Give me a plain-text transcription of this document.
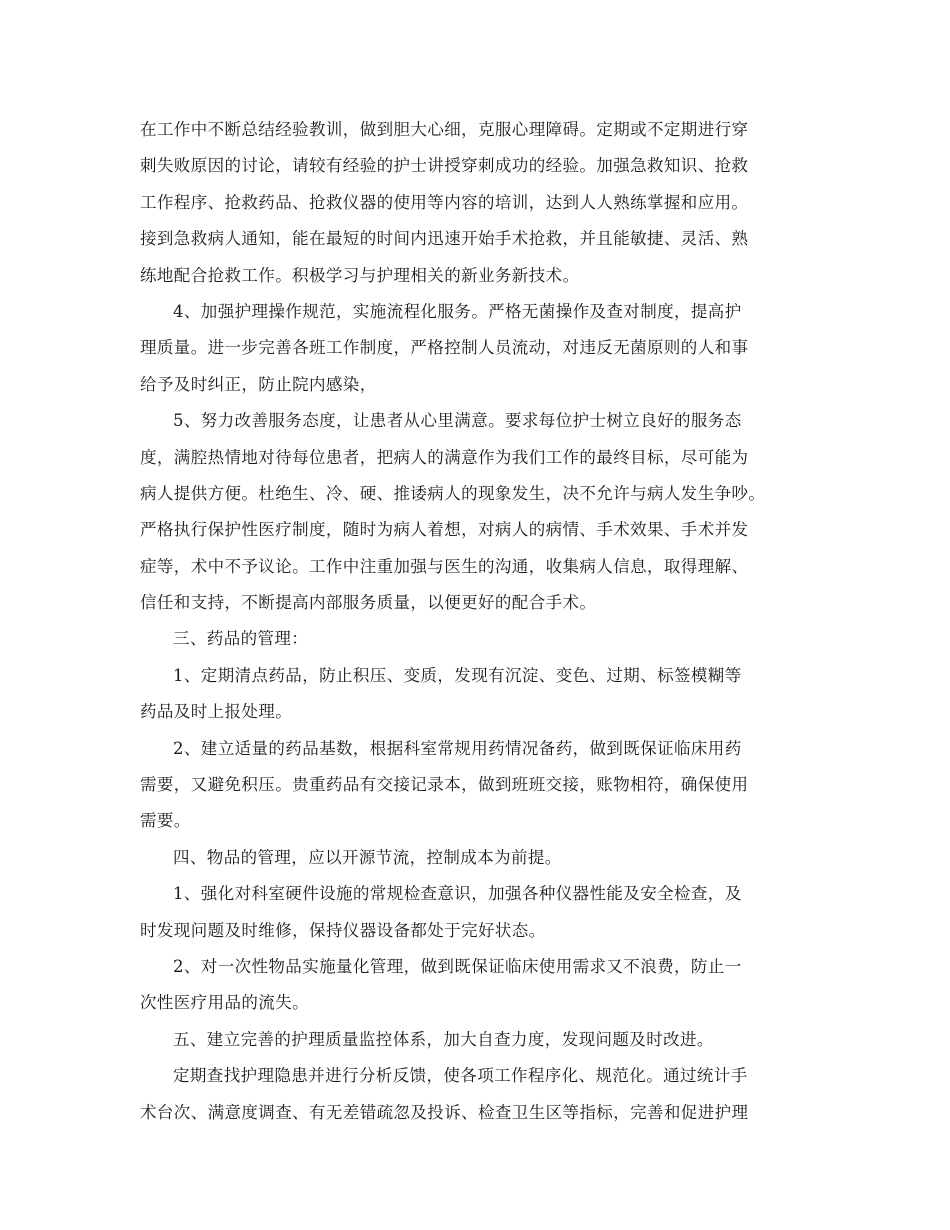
在工作中不断总结经验教训，做到胆大心细，克服心理障碍。定期或不定期进行穿
刺失败原因的讨论，请较有经验的护士讲授穿刺成功的经验。加强急救知识、抢救
工作程序、抢救药品、抢救仪器的使用等内容的培训，达到人人熟练掌握和应用。
接到急救病人通知，能在最短的时间内迅速开始手术抢救，并且能敏捷、灵活、熟
练地配合抢救工作。积极学习与护理相关的新业务新技术。
4、加强护理操作规范，实施流程化服务。严格无菌操作及查对制度，提高护
理质量。进一步完善各班工作制度，严格控制人员流动，对违反无菌原则的人和事
给予及时纠正，防止院内感染，
5、努力改善服务态度，让患者从心里满意。要求每位护士树立良好的服务态
度，满腔热情地对待每位患者，把病人的满意作为我们工作的最终目标，尽可能为
病人提供方便。杜绝生、冷、硬、推诿病人的现象发生，决不允许与病人发生争吵。
严格执行保护性医疗制度，随时为病人着想，对病人的病情、手术效果、手术并发
症等，术中不予议论。工作中注重加强与医生的沟通，收集病人信息，取得理解、
信任和支持，不断提高内部服务质量，以便更好的配合手术。
三、药品的管理：
1、定期清点药品，防止积压、变质，发现有沉淀、变色、过期、标签模糊等
药品及时上报处理。
2、建立适量的药品基数，根据科室常规用药情况备药，做到既保证临床用药
需要，又避免积压。贵重药品有交接记录本，做到班班交接，账物相符，确保使用
需要。
四、物品的管理，应以开源节流，控制成本为前提。
1、强化对科室硬件设施的常规检查意识，加强各种仪器性能及安全检查，及
时发现问题及时维修，保持仪器设备都处于完好状态。
2、对一次性物品实施量化管理，做到既保证临床使用需求又不浪费，防止一
次性医疗用品的流失。
五、建立完善的护理质量监控体系，加大自查力度，发现问题及时改进。
定期查找护理隐患并进行分析反馈，使各项工作程序化、规范化。通过统计手
术台次、满意度调查、有无差错疏忽及投诉、检查卫生区等指标，完善和促进护理
